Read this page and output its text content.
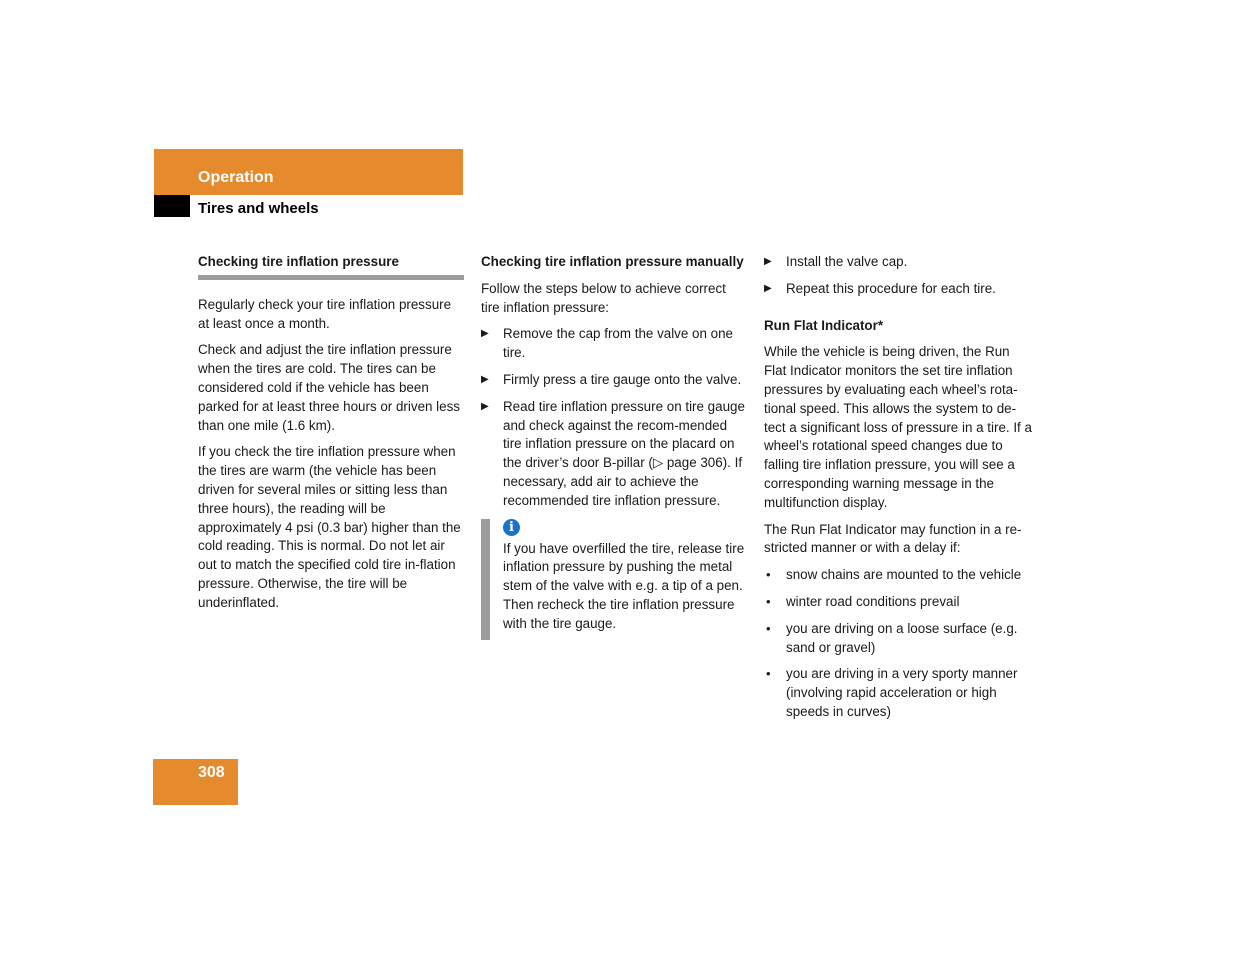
Operation
Tires and wheels
Checking tire inflation pressure

Regularly check your tire inflation pressure at least once a month.

Check and adjust the tire inflation pressure when the tires are cold. The tires can be considered cold if the vehicle has been parked for at least three hours or driven less than one mile (1.6 km).

If you check the tire inflation pressure when the tires are warm (the vehicle has been driven for several miles or sitting less than three hours), the reading will be approximately 4 psi (0.3 bar) higher than the cold reading. This is normal. Do not let air out to match the specified cold tire in-flation pressure. Otherwise, the tire will be underinflated.

Checking tire inflation pressure manually

Follow the steps below to achieve correct tire inflation pressure:

▶ Remove the cap from the valve on one tire.
▶ Firmly press a tire gauge onto the valve.
▶ Read tire inflation pressure on tire gauge and check against the recom-mended tire inflation pressure on the placard on the driver’s door B-pillar (▷ page 306). If necessary, add air to achieve the recommended tire inflation pressure.
i
If you have overfilled the tire, release tire inflation pressure by pushing the metal stem of the valve with e.g. a tip of a pen. Then recheck the tire inflation pressure with the tire gauge.
▶ Install the valve cap.
▶ Repeat this procedure for each tire.
Run Flat Indicator*

While the vehicle is being driven, the Run Flat Indicator monitors the set tire inflation pressures by evaluating each wheel’s rota-tional speed. This allows the system to de-tect a significant loss of pressure in a tire. If a wheel’s rotational speed changes due to falling tire inflation pressure, you will see a corresponding warning message in the multifunction display.

The Run Flat Indicator may function in a re-stricted manner or with a delay if:

• snow chains are mounted to the vehicle
• winter road conditions prevail
• you are driving on a loose surface (e.g. sand or gravel)
• you are driving in a very sporty manner (involving rapid acceleration or high speeds in curves)
308
